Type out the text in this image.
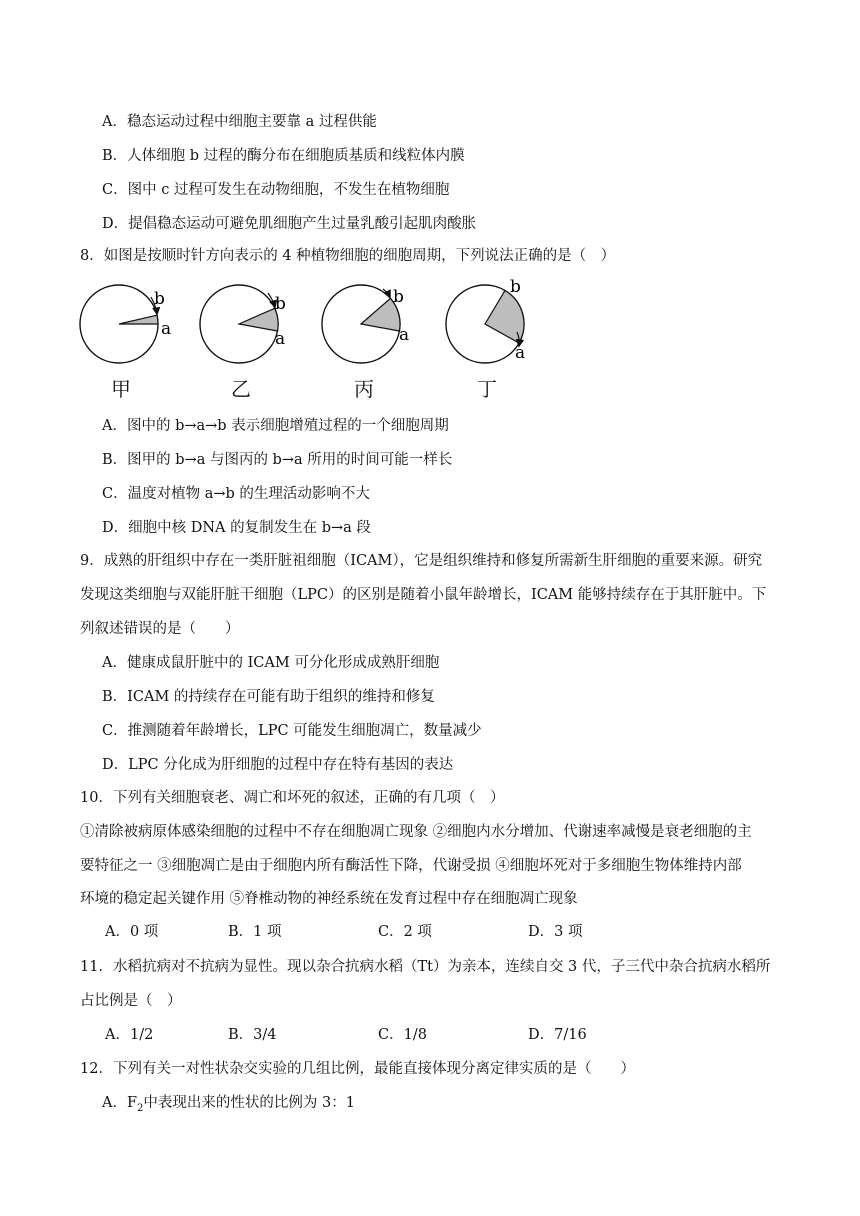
A．稳态运动过程中细胞主要靠 a 过程供能
B．人体细胞 b 过程的酶分布在细胞质基质和线粒体内膜
C．图中 c 过程可发生在动物细胞，不发生在植物细胞
D．提倡稳态运动可避免肌细胞产生过量乳酸引起肌肉酸胀
8．如图是按顺时针方向表示的 4 种植物细胞的细胞周期，下列说法正确的是（　）
b
a
b
a
b
a
b
a
甲	乙	丙	丁
A．图中的 b→a→b 表示细胞增殖过程的一个细胞周期
B．图甲的 b→a 与图丙的 b→a 所用的时间可能一样长
C．温度对植物 a→b 的生理活动影响不大
D．细胞中核 DNA 的复制发生在 b→a 段
9．成熟的肝组织中存在一类肝脏祖细胞（ICAM），它是组织维持和修复所需新生肝细胞的重要来源。研究
发现这类细胞与双能肝脏干细胞（LPC）的区别是随着小鼠年龄增长，ICAM 能够持续存在于其肝脏中。下
列叙述错误的是（　　）
A．健康成鼠肝脏中的 ICAM 可分化形成成熟肝细胞
B．ICAM 的持续存在可能有助于组织的维持和修复
C．推测随着年龄增长，LPC 可能发生细胞凋亡，数量减少
D．LPC 分化成为肝细胞的过程中存在特有基因的表达
10．下列有关细胞衰老、凋亡和坏死的叙述，正确的有几项（　）
①清除被病原体感染细胞的过程中不存在细胞凋亡现象 ②细胞内水分增加、代谢速率减慢是衰老细胞的主
要特征之一 ③细胞凋亡是由于细胞内所有酶活性下降，代谢受损 ④细胞坏死对于多细胞生物体维持内部
环境的稳定起关键作用 ⑤脊椎动物的神经系统在发育过程中存在细胞凋亡现象
A．0 项	B．1 项	C．2 项	D．3 项
11．水稻抗病对不抗病为显性。现以杂合抗病水稻（Tt）为亲本，连续自交 3 代，子三代中杂合抗病水稻所
占比例是（　）
A．1/2	B．3/4	C．1/8	D．7/16
12．下列有关一对性状杂交实验的几组比例，最能直接体现分离定律实质的是（　　）
A．$F_2$中表现出来的性状的比例为 3：1
